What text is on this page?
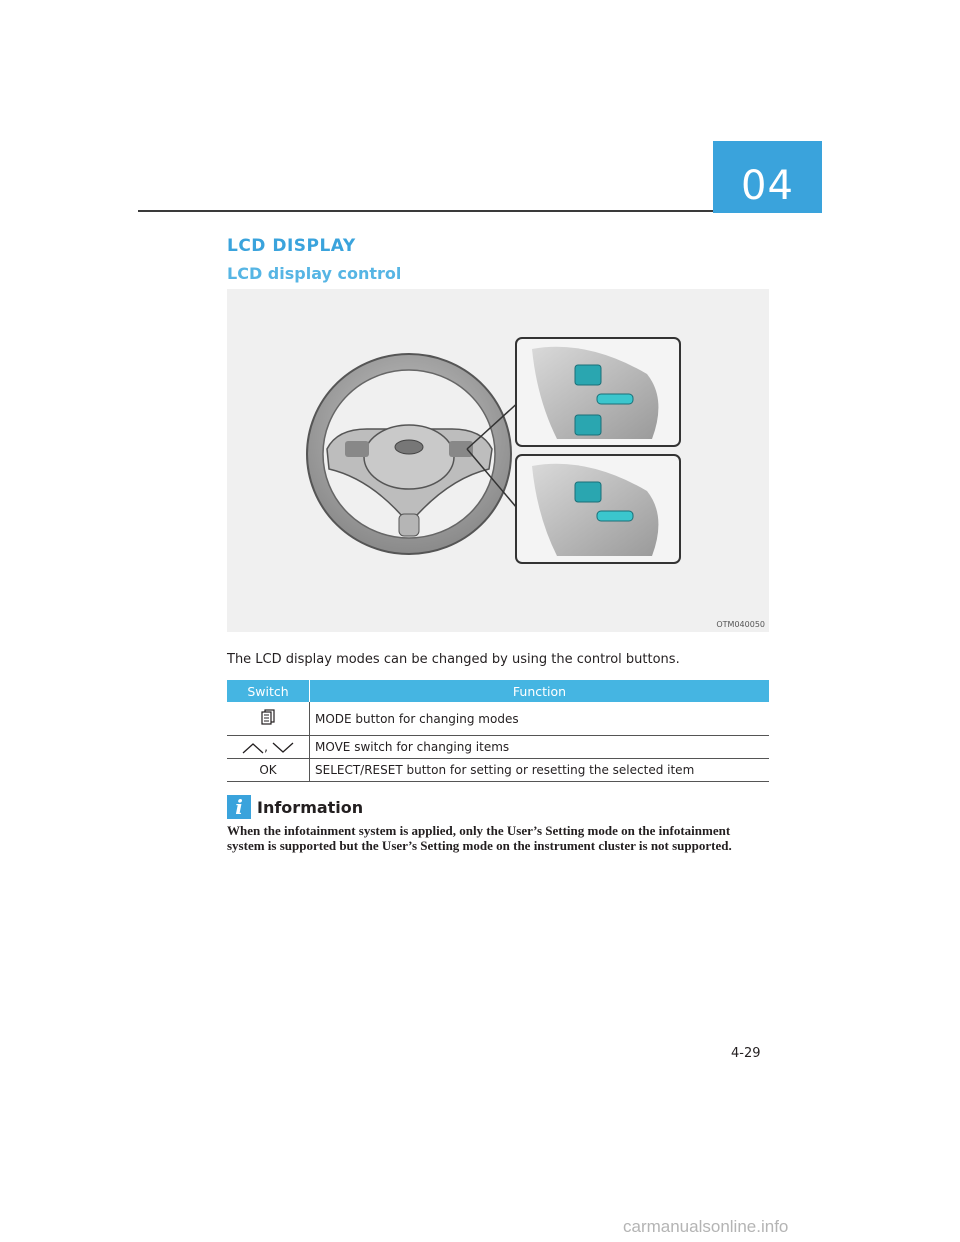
04
LCD DISPLAY
LCD display control
OTM040050
The LCD display modes can be changed by using the control buttons.
Switch	Function
	MODE button for changing modes
,	MOVE switch for changing items
OK	SELECT/RESET button for setting or resetting the selected item
i Information
When the infotainment system is applied, only the User’s Setting mode on the infotainment system is supported but the User’s Setting mode on the instrument cluster is not supported.
4-29
carmanualsonline.info
